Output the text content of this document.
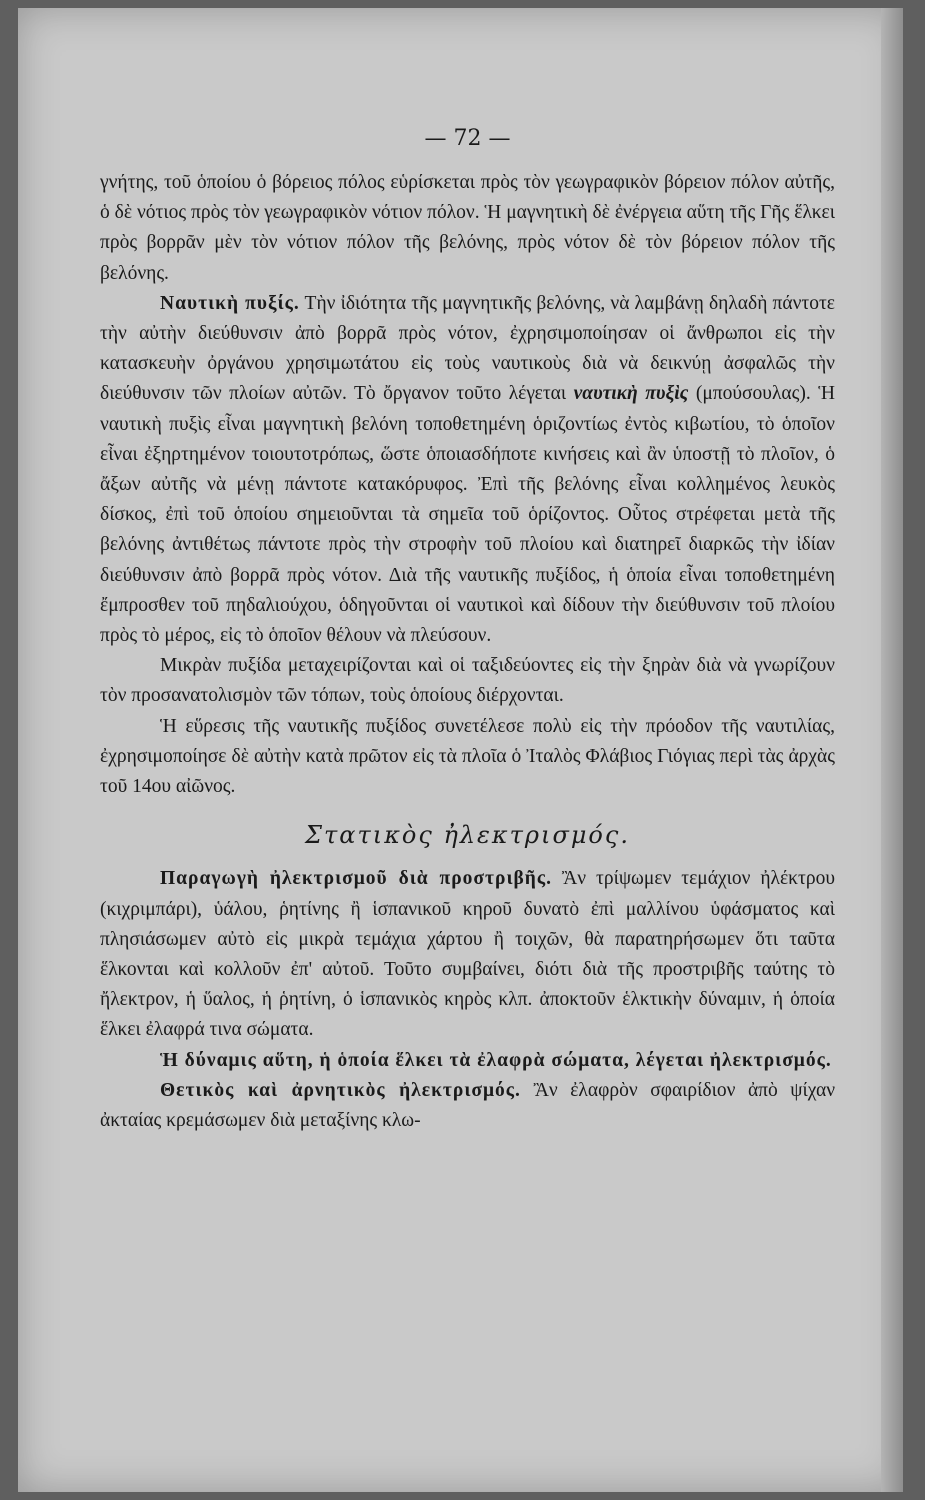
— 72 —

γνήτης, τοῦ ὁποίου ὁ βόρειος πόλος εὑρίσκεται πρὸς τὸν γεωγραφικὸν βόρειον πόλον αὐτῆς, ὁ δὲ νότιος πρὸς τὸν γεωγραφικὸν νότιον πόλον. Ἡ μαγνητικὴ δὲ ἐνέργεια αὕτη τῆς Γῆς ἕλκει πρὸς βορρᾶν μὲν τὸν νότιον πόλον τῆς βελόνης, πρὸς νότον δὲ τὸν βόρειον πόλον τῆς βελόνης.

Ναυτικὴ πυξίς. Τὴν ἰδιότητα τῆς μαγνητικῆς βελόνης, νὰ λαμβάνῃ δηλαδὴ πάντοτε τὴν αὐτὴν διεύθυνσιν ἀπὸ βορρᾶ πρὸς νότον, ἐχρησιμοποίησαν οἱ ἄνθρωποι εἰς τὴν κατασκευὴν ὀργάνου χρησιμωτάτου εἰς τοὺς ναυτικοὺς διὰ νὰ δεικνύῃ ἀσφαλῶς τὴν διεύθυνσιν τῶν πλοίων αὐτῶν. Τὸ ὄργανον τοῦτο λέγεται ναυτικὴ πυξὶς (μπούσουλας). Ἡ ναυτικὴ πυξὶς εἶναι μαγνητικὴ βελόνη τοποθετημένη ὁριζοντίως ἐντὸς κιβωτίου, τὸ ὁποῖον εἶναι ἐξηρτημένον τοιουτοτρόπως, ὥστε ὁποιασδήποτε κινήσεις καὶ ἂν ὑποστῇ τὸ πλοῖον, ὁ ἄξων αὐτῆς νὰ μένῃ πάντοτε κατακόρυφος. Ἐπὶ τῆς βελόνης εἶναι κολλημένος λευκὸς δίσκος, ἐπὶ τοῦ ὁποίου σημειοῦνται τὰ σημεῖα τοῦ ὁρίζοντος. Οὗτος στρέφεται μετὰ τῆς βελόνης ἀντιθέτως πάντοτε πρὸς τὴν στροφὴν τοῦ πλοίου καὶ διατηρεῖ διαρκῶς τὴν ἰδίαν διεύθυνσιν ἀπὸ βορρᾶ πρὸς νότον. Διὰ τῆς ναυτικῆς πυξίδος, ἡ ὁποία εἶναι τοποθετημένη ἔμπροσθεν τοῦ πηδαλιούχου, ὁδηγοῦνται οἱ ναυτικοὶ καὶ δίδουν τὴν διεύθυνσιν τοῦ πλοίου πρὸς τὸ μέρος, εἰς τὸ ὁποῖον θέλουν νὰ πλεύσουν.

Μικρὰν πυξίδα μεταχειρίζονται καὶ οἱ ταξιδεύοντες εἰς τὴν ξηρὰν διὰ νὰ γνωρίζουν τὸν προσανατολισμὸν τῶν τόπων, τοὺς ὁποίους διέρχονται.

Ἡ εὕρεσις τῆς ναυτικῆς πυξίδος συνετέλεσε πολὺ εἰς τὴν πρόοδον τῆς ναυτιλίας, ἐχρησιμοποίησε δὲ αὐτὴν κατὰ πρῶτον εἰς τὰ πλοῖα ὁ Ἰταλὸς Φλάβιος Γιόγιας περὶ τὰς ἀρχὰς τοῦ 14ου αἰῶνος.

Στατικὸς ἠλεκτρισμός.

Παραγωγὴ ἠλεκτρισμοῦ διὰ προστριβῆς. Ἂν τρίψωμεν τεμάχιον ἠλέκτρου (κιχριμπάρι), ὑάλου, ῥητίνης ἢ ἱσπανικοῦ κηροῦ δυνατὸ ἐπὶ μαλλίνου ὑφάσματος καὶ πλησιάσωμεν αὐτὸ εἰς μικρὰ τεμάχια χάρτου ἢ τοιχῶν, θὰ παρατηρήσωμεν ὅτι ταῦτα ἕλκονται καὶ κολλοῦν ἐπ' αὐτοῦ. Τοῦτο συμβαίνει, διότι διὰ τῆς προστριβῆς ταύτης τὸ ἤλεκτρον, ἡ ὕαλος, ἡ ῥητίνη, ὁ ἱσπανικὸς κηρὸς κλπ. ἀποκτοῦν ἑλκτικὴν δύναμιν, ἡ ὁποία ἕλκει ἐλαφρά τινα σώματα.

Ἡ δύναμις αὕτη, ἡ ὁποία ἕλκει τὰ ἐλαφρὰ σώματα, λέγεται ἠλεκτρισμός.

Θετικὸς καὶ ἀρνητικὸς ἠλεκτρισμός. Ἂν ἐλαφρὸν σφαιρίδιον ἀπὸ ψίχαν ἀκταίας κρεμάσωμεν διὰ μεταξίνης κλω-
